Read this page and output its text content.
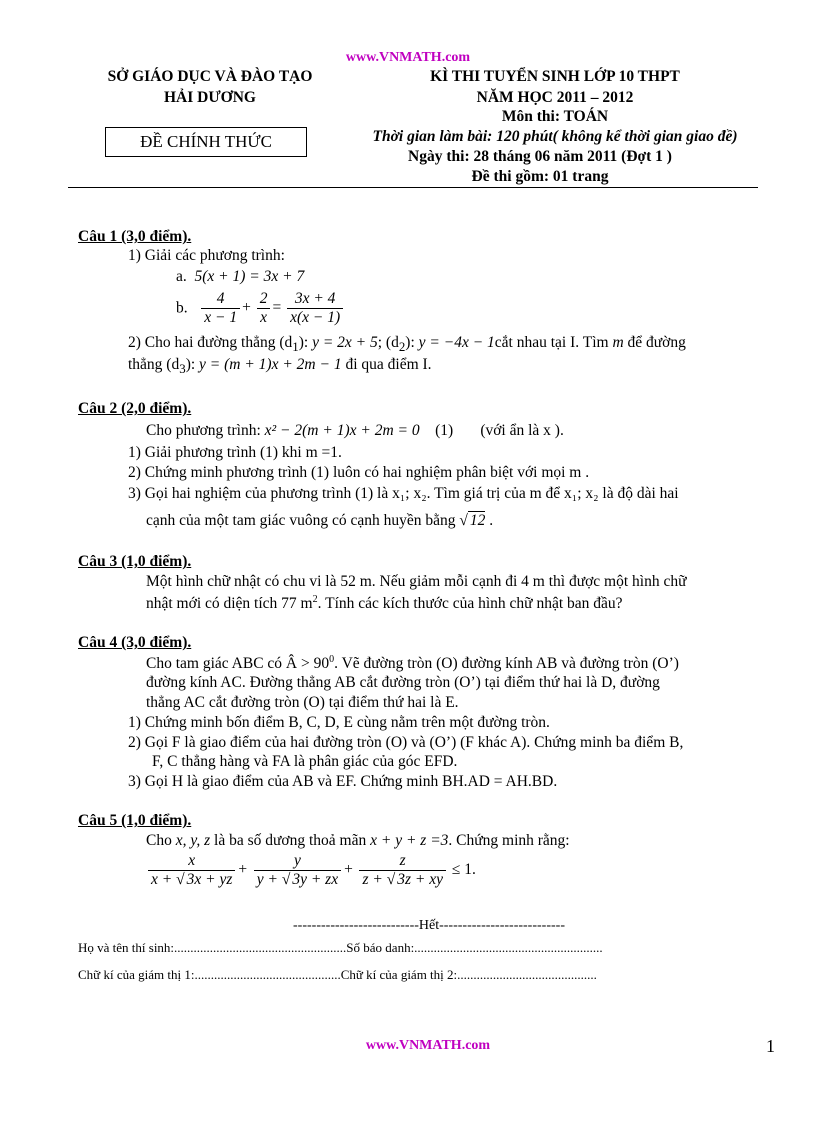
www.VNMATH.com
SỞ GIÁO DỤC VÀ ĐÀO TẠO
HẢI DƯƠNG
ĐỀ CHÍNH THỨC
KÌ THI TUYỂN SINH LỚP 10 THPT
NĂM HỌC 2011 – 2012
Môn thi: TOÁN
Thời gian làm bài: 120 phút( không kể thời gian giao đề)
Ngày thi: 28 tháng 06 năm 2011 (Đợt 1 )
Đề thi gồm: 01 trang
Câu 1 (3,0 điểm).
1) Giải các phương trình:
a. 5(x + 1) = 3x + 7
b. $\frac{4}{x - 1} + \frac{2}{x} = \frac{3x + 4}{x(x - 1)}$
2) Cho hai đường thẳng $(d_1)$: y = 2x + 5; $(d_2)$: y = −4x − 1cắt nhau tại I. Tìm m để đường
thẳng $(d_3)$: y = (m + 1)x + 2m − 1 đi qua điểm I.
Câu 2 (2,0 điểm).
Cho phương trình: x² − 2(m + 1)x + 2m = 0 (1) (với ẩn là x ).
1) Giải phương trình (1) khi m =1.
2) Chứng minh phương trình (1) luôn có hai nghiệm phân biệt với mọi m .
3) Gọi hai nghiệm của phương trình (1) là x₁; x₂. Tìm giá trị của m để x₁; x₂ là độ dài hai
cạnh của một tam giác vuông có cạnh huyền bằng √ 12 .
Câu 3 (1,0 điểm).
Một hình chữ nhật có chu vi là 52 m. Nếu giảm mỗi cạnh đi 4 m thì được một hình chữ
nhật mới có diện tích 77 $m^2$. Tính các kích thước của hình chữ nhật ban đầu?
Câu 4 (3,0 điểm).
Cho tam giác ABC có Â > $90^0$. Vẽ đường tròn (O) đường kính AB và đường tròn (O’)
đường kính AC. Đường thẳng AB cắt đường tròn (O’) tại điểm thứ hai là D, đường
thẳng AC cắt đường tròn (O) tại điểm thứ hai là E.
1) Chứng minh bốn điểm B, C, D, E cùng nằm trên một đường tròn.
2) Gọi F là giao điểm của hai đường tròn (O) và (O’) (F khác A). Chứng minh ba điểm B,
F, C thẳng hàng và FA là phân giác của góc EFD.
3) Gọi H là giao điểm của AB và EF. Chứng minh BH.AD = AH.BD.
Câu 5 (1,0 điểm).
Cho x, y, z là ba số dương thoả mãn x + y + z =3. Chứng minh rằng:
$\frac{x}{x + √ 3x + yz} + \frac{y}{y + √ 3y + zx} + \frac{z}{z + √ 3z + xy} \le 1$.
---------------------------Hết---------------------------
Họ và tên thí sinh:.....................................................Số báo danh:..........................................................
Chữ kí của giám thị 1:.............................................Chữ kí của giám thị 2:...........................................
www.VNMATH.com	1
